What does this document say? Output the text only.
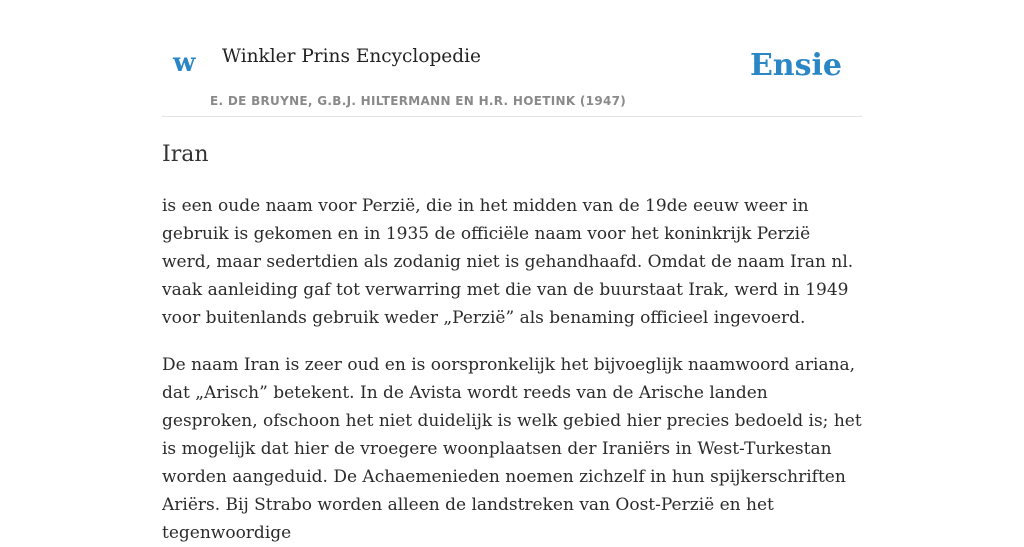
w Winkler Prins Encyclopedie
E. DE BRUYNE, G.B.J. HILTERMANN EN H.R. HOETINK (1947)
Ensie
Iran

is een oude naam voor Perzië, die in het midden van de 19de eeuw weer in gebruik is gekomen en in 1935 de officiële naam voor het koninkrijk Perzië werd, maar sedertdien als zodanig niet is gehandhaafd. Omdat de naam Iran nl. vaak aanleiding gaf tot verwarring met die van de buurstaat Irak, werd in 1949 voor buitenlands gebruik weder „Perzië” als benaming officieel ingevoerd.

De naam Iran is zeer oud en is oorspronkelijk het bijvoeglijk naamwoord ariana, dat „Arisch” betekent. In de Avista wordt reeds van de Arische landen gesproken, ofschoon het niet duidelijk is welk gebied hier precies bedoeld is; het is mogelijk dat hier de vroegere woonplaatsen der Iraniërs in West-Turkestan worden aangeduid. De Achaemenieden noemen zichzelf in hun spijkerschriften Ariërs. Bij Strabo worden alleen de landstreken van Oost-Perzië en het tegenwoordige
